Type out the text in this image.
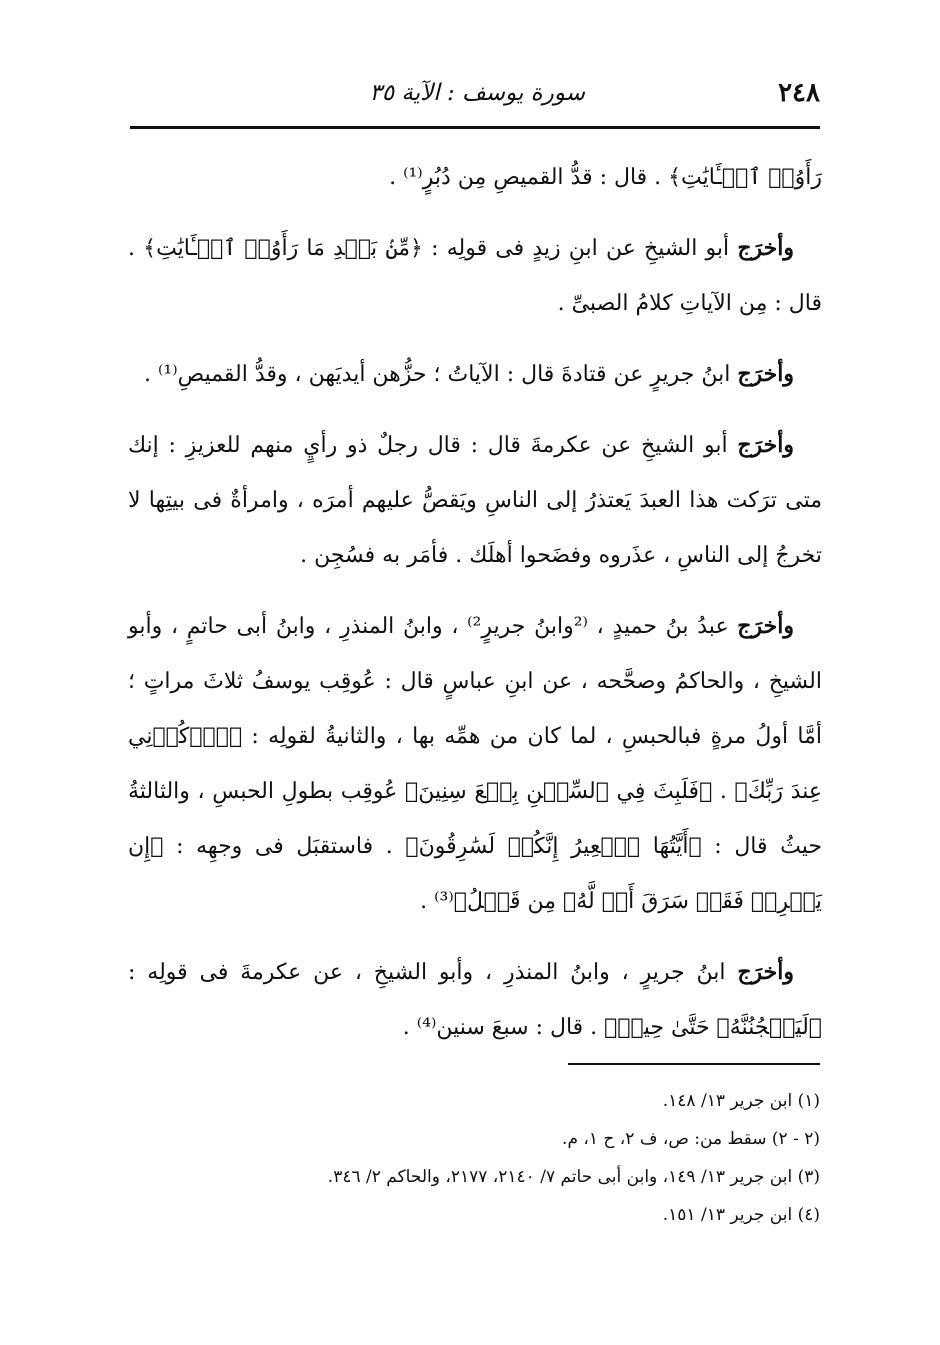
٢٤٨
سورة يوسف : الآية ٣٥

رَأَوُا۟ ٱلۡـَٔايَٰتِ﴾ . قال : قدُّ القميصِ مِن دُبُرٍ⁽¹⁾ .

وأخرَج أبو الشيخِ عن ابنِ زيدٍ فى قولِه : ﴿مِّنۢ بَعۡدِ مَا رَأَوُا۟ ٱلۡـَٔايَٰتِ﴾ . قال : مِن الآياتِ كلامُ الصبىِّ .

وأخرَج ابنُ جريرٍ عن قتادةَ قال : الآياتُ ؛ حزُّهن أيديَهن ، وقدُّ القميصِ⁽¹⁾ .

وأخرَج أبو الشيخِ عن عكرمةَ قال : قال رجلٌ ذو رأيٍ منهم للعزيزِ : إنك متى ترَكت هذا العبدَ يَعتذرُ إلى الناسِ ويَقصُّ عليهم أمرَه ، وامرأةٌ فى بيتِها لا تخرجُ إلى الناسِ ، عذَروه وفضَحوا أهلَك . فأمَر به فسُجِن .

وأخرَج عبدُ بنُ حميدٍ ، ⁽²وابنُ جريرٍ²⁾ ، وابنُ المنذرِ ، وابنُ أبى حاتمٍ ، وأبو الشيخِ ، والحاكمُ وصحَّحه ، عن ابنِ عباسٍ قال : عُوقِب يوسفُ ثلاثَ مراتٍ ؛ أمَّا أولُ مرةٍ فبالحبسِ ، لما كان من همِّه بها ، والثانيةُ لقولِه : ﴿ٱذۡكُرۡنِي عِندَ رَبِّكَ﴾ . ﴿فَلَبِثَ فِي ٱلسِّجۡنِ بِضۡعَ سِنِينَ﴾ عُوقِب بطولِ الحبسِ ، والثالثةُ حيثُ قال : ﴿أَيَّتُهَا ٱلۡعِيرُ إِنَّكُمۡ لَسَٰرِقُونَ﴾ . فاستقبَل فى وجهِه : ﴿إِن يَسۡرِقۡ فَقَدۡ سَرَقَ أَخٞ لَّهُۥ مِن قَبۡلُ﴾⁽³⁾ .

وأخرَج ابنُ جريرٍ ، وابنُ المنذرِ ، وأبو الشيخِ ، عن عكرمةَ فى قولِه : ﴿لَيَسۡجُنُنَّهُۥ حَتَّىٰ حِينٖ﴾ . قال : سبعَ سنين⁽⁴⁾ .

(١) ابن جرير ١٣/ ١٤٨.

(٢ - ٢) سقط من: ص، ف ٢، ح ١، م.

(٣) ابن جرير ١٣/ ١٤٩، وابن أبى حاتم ٧/ ٢١٤٠، ٢١٧٧، والحاكم ٢/ ٣٤٦.

(٤) ابن جرير ١٣/ ١٥١.
